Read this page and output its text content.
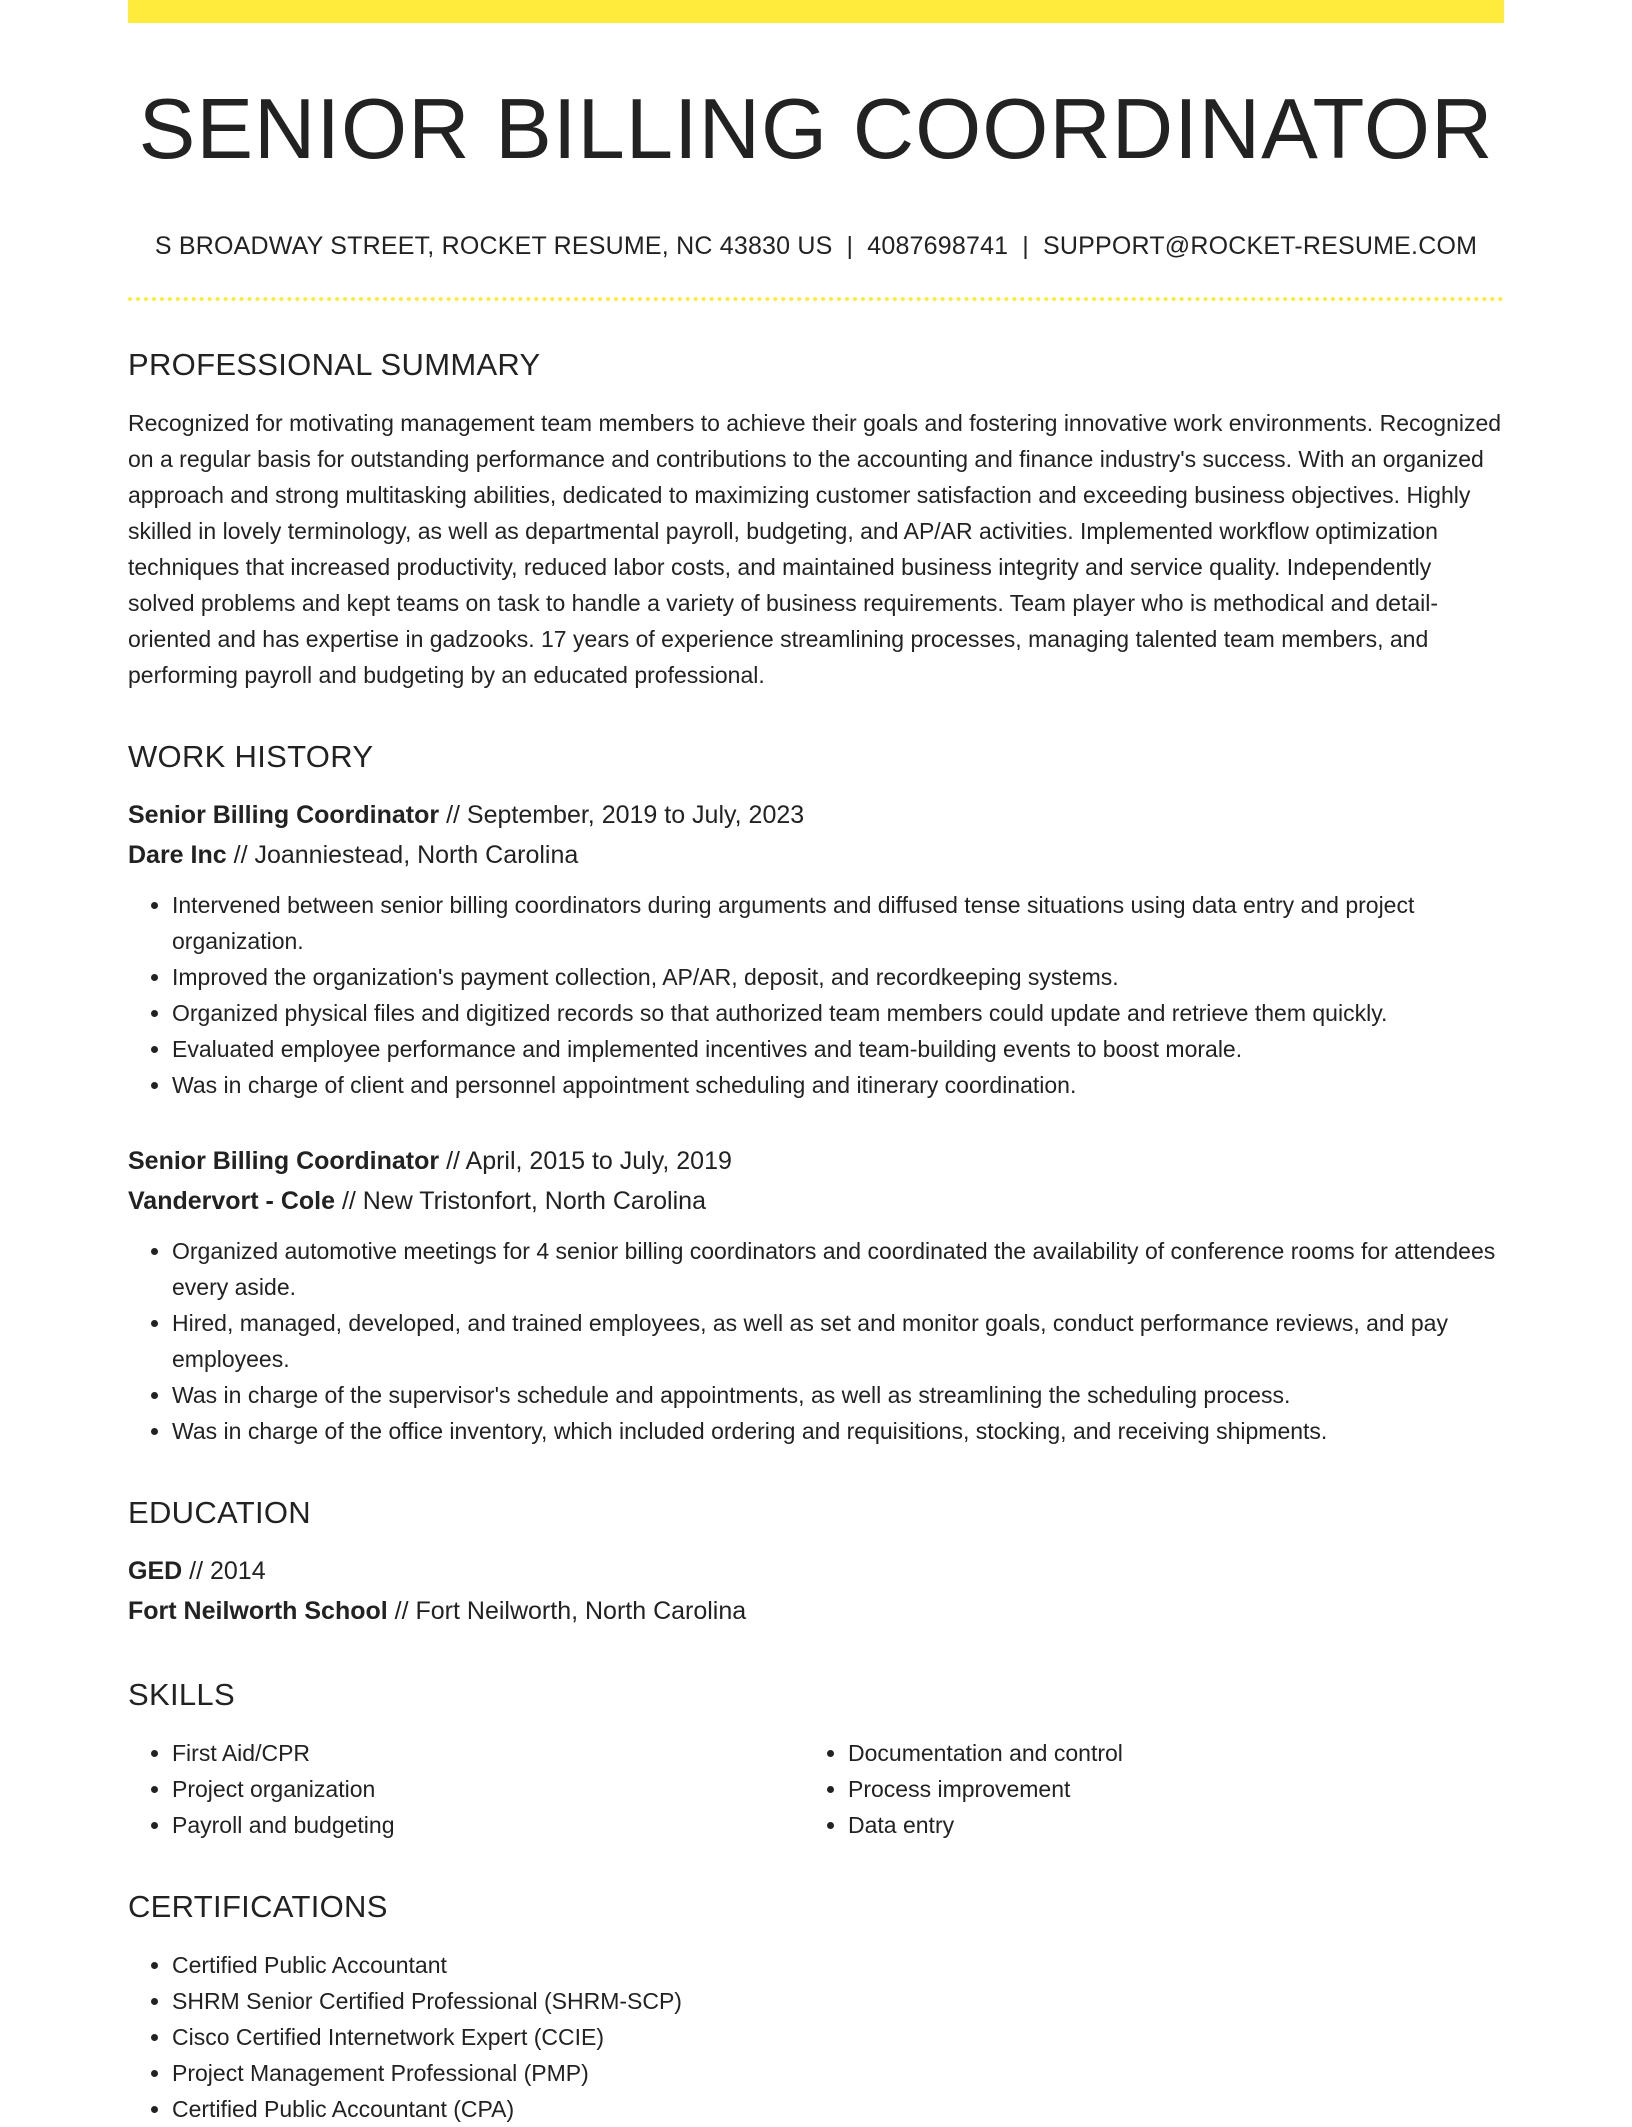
SENIOR BILLING COORDINATOR
S BROADWAY STREET, ROCKET RESUME, NC 43830 US | 4087698741 | SUPPORT@ROCKET-RESUME.COM
PROFESSIONAL SUMMARY
Recognized for motivating management team members to achieve their goals and fostering innovative work environments. Recognized on a regular basis for outstanding performance and contributions to the accounting and finance industry's success. With an organized approach and strong multitasking abilities, dedicated to maximizing customer satisfaction and exceeding business objectives. Highly skilled in lovely terminology, as well as departmental payroll, budgeting, and AP/AR activities. Implemented workflow optimization techniques that increased productivity, reduced labor costs, and maintained business integrity and service quality. Independently solved problems and kept teams on task to handle a variety of business requirements. Team player who is methodical and detail-oriented and has expertise in gadzooks. 17 years of experience streamlining processes, managing talented team members, and performing payroll and budgeting by an educated professional.
WORK HISTORY
Senior Billing Coordinator // September, 2019 to July, 2023
Dare Inc // Joanniestead, North Carolina
• Intervened between senior billing coordinators during arguments and diffused tense situations using data entry and project organization.
• Improved the organization's payment collection, AP/AR, deposit, and recordkeeping systems.
• Organized physical files and digitized records so that authorized team members could update and retrieve them quickly.
• Evaluated employee performance and implemented incentives and team-building events to boost morale.
• Was in charge of client and personnel appointment scheduling and itinerary coordination.
Senior Billing Coordinator // April, 2015 to July, 2019
Vandervort - Cole // New Tristonfort, North Carolina
• Organized automotive meetings for 4 senior billing coordinators and coordinated the availability of conference rooms for attendees every aside.
• Hired, managed, developed, and trained employees, as well as set and monitor goals, conduct performance reviews, and pay employees.
• Was in charge of the supervisor's schedule and appointments, as well as streamlining the scheduling process.
• Was in charge of the office inventory, which included ordering and requisitions, stocking, and receiving shipments.
EDUCATION
GED // 2014
Fort Neilworth School // Fort Neilworth, North Carolina
SKILLS
• First Aid/CPR
• Project organization
• Payroll and budgeting
• Documentation and control
• Process improvement
• Data entry
CERTIFICATIONS
• Certified Public Accountant
• SHRM Senior Certified Professional (SHRM-SCP)
• Cisco Certified Internetwork Expert (CCIE)
• Project Management Professional (PMP)
• Certified Public Accountant (CPA)
